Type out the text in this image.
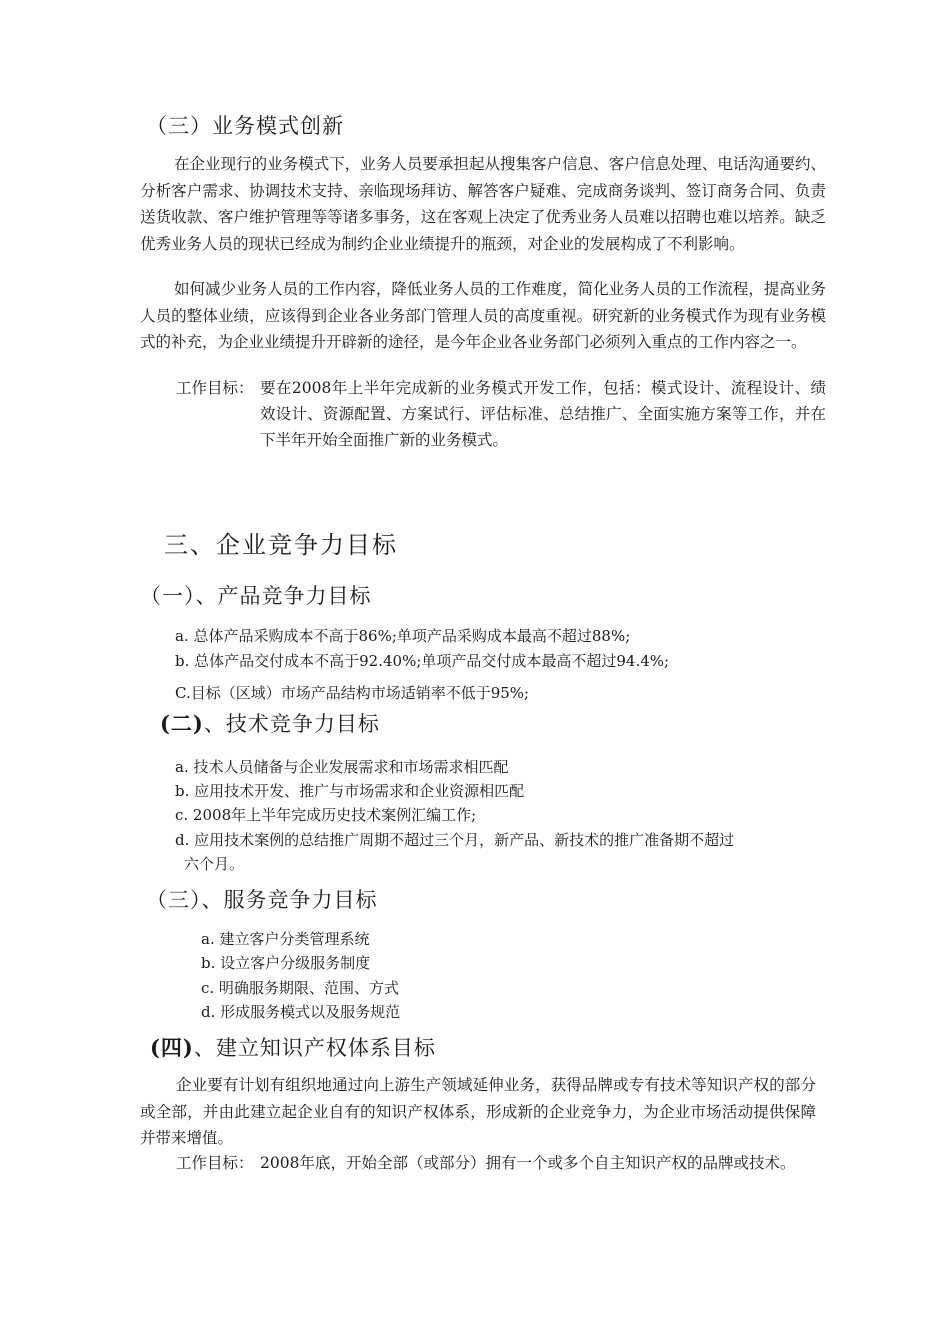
（三）业务模式创新

在企业现行的业务模式下，业务人员要承担起从搜集客户信息、客户信息处理、电话沟通要约、分析客户需求、协调技术支持、亲临现场拜访、解答客户疑难、完成商务谈判、签订商务合同、负责送货收款、客户维护管理等等诸多事务，这在客观上决定了优秀业务人员难以招聘也难以培养。缺乏优秀业务人员的现状已经成为制约企业业绩提升的瓶颈，对企业的发展构成了不利影响。

如何减少业务人员的工作内容，降低业务人员的工作难度，简化业务人员的工作流程，提高业务人员的整体业绩，应该得到企业各业务部门管理人员的高度重视。研究新的业务模式作为现有业务模式的补充，为企业业绩提升开辟新的途径，是今年企业各业务部门必须列入重点的工作内容之一。

工作目标： 要在2008年上半年完成新的业务模式开发工作，包括：模式设计、流程设计、绩效设计、资源配置、方案试行、评估标准、总结推广、全面实施方案等工作，并在下半年开始全面推广新的业务模式。
三、企业竞争力目标
（一）、产品竞争力目标
a. 总体产品采购成本不高于86%;单项产品采购成本最高不超过88%;
b. 总体产品交付成本不高于92.40%;单项产品交付成本最高不超过94.4%;
C.目标（区域）市场产品结构市场适销率不低于95%;
(二)、技术竞争力目标
a. 技术人员储备与企业发展需求和市场需求相匹配
b. 应用技术开发、推广与市场需求和企业资源相匹配
c. 2008年上半年完成历史技术案例汇编工作;
d. 应用技术案例的总结推广周期不超过三个月，新产品、新技术的推广准备期不超过
六个月。
（三）、服务竞争力目标
a. 建立客户分类管理系统
b. 设立客户分级服务制度
c. 明确服务期限、范围、方式
d. 形成服务模式以及服务规范
(四)、建立知识产权体系目标

企业要有计划有组织地通过向上游生产领域延伸业务，获得品牌或专有技术等知识产权的部分或全部，并由此建立起企业自有的知识产权体系，形成新的企业竞争力，为企业市场活动提供保障并带来增值。

工作目标： 2008年底，开始全部（或部分）拥有一个或多个自主知识产权的品牌或技术。
